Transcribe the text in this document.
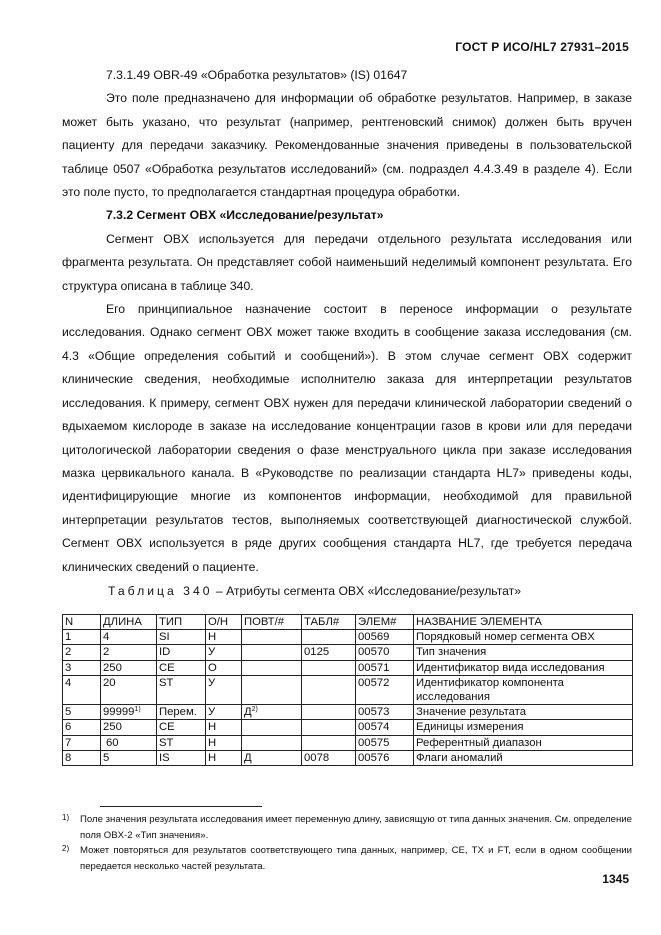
ГОСТ Р ИСО/HL7 27931–2015

7.3.1.49 OBR-49 «Обработка результатов» (IS) 01647

Это поле предназначено для информации об обработке результатов. Например, в заказе может быть указано, что результат (например, рентгеновский снимок) должен быть вручен пациенту для передачи заказчику. Рекомендованные значения приведены в пользовательской таблице 0507 «Обработка результатов исследований» (см. подраздел 4.4.3.49 в разделе 4). Если это поле пусто, то предполагается стандартная процедура обработки.

7.3.2 Сегмент OBX «Исследование/результат»

Сегмент OBX используется для передачи отдельного результата исследования или фрагмента результата. Он представляет собой наименьший неделимый компонент результата. Его структура описана в таблице 340.

Его принципиальное назначение состоит в переносе информации о результате исследования. Однако сегмент OBX может также входить в сообщение заказа исследования (см. 4.3 «Общие определения событий и сообщений»). В этом случае сегмент OBX содержит клинические сведения, необходимые исполнителю заказа для интерпретации результатов исследования. К примеру, сегмент OBX нужен для передачи клинической лаборатории сведений о вдыхаемом кислороде в заказе на исследование концентрации газов в крови или для передачи цитологической лаборатории сведения о фазе менструального цикла при заказе исследования мазка цервикального канала. В «Руководстве по реализации стандарта HL7» приведены коды, идентифицирующие многие из компонентов информации, необходимой для правильной интерпретации результатов тестов, выполняемых соответствующей диагностической службой. Сегмент OBX используется в ряде других сообщения стандарта HL7, где требуется передача клинических сведений о пациенте.

Таблица 340 – Атрибуты сегмента OBX «Исследование/результат»

N	ДЛИНА	ТИП	О/Н	ПОВТ/#	ТАБЛ#	ЭЛЕМ#	НАЗВАНИЕ ЭЛЕМЕНТА
1	4	SI	Н			00569	Порядковый номер сегмента OBX
2	2	ID	У		0125	00570	Тип значения
3	250	CE	О			00571	Идентификатор вида исследования
4	20	ST	У			00572	Идентификатор компонента исследования
5	99999$^{1)}$	Перем.	У	$Д^{2)}$		00573	Значение результата
6	250	CE	Н			00574	Единицы измерения
7	60	ST	Н			00575	Референтный диапазон
8	5	IS	Н	Д	0078	00576	Флаги аномалий
1) Поле значения результата исследования имеет переменную длину, зависящую от типа данных значения. См. определение поля OBX-2 «Тип значения».
2) Может повторяться для результатов соответствующего типа данных, например, CE, TX и FT, если в одном сообщении передается несколько частей результата.
1345
